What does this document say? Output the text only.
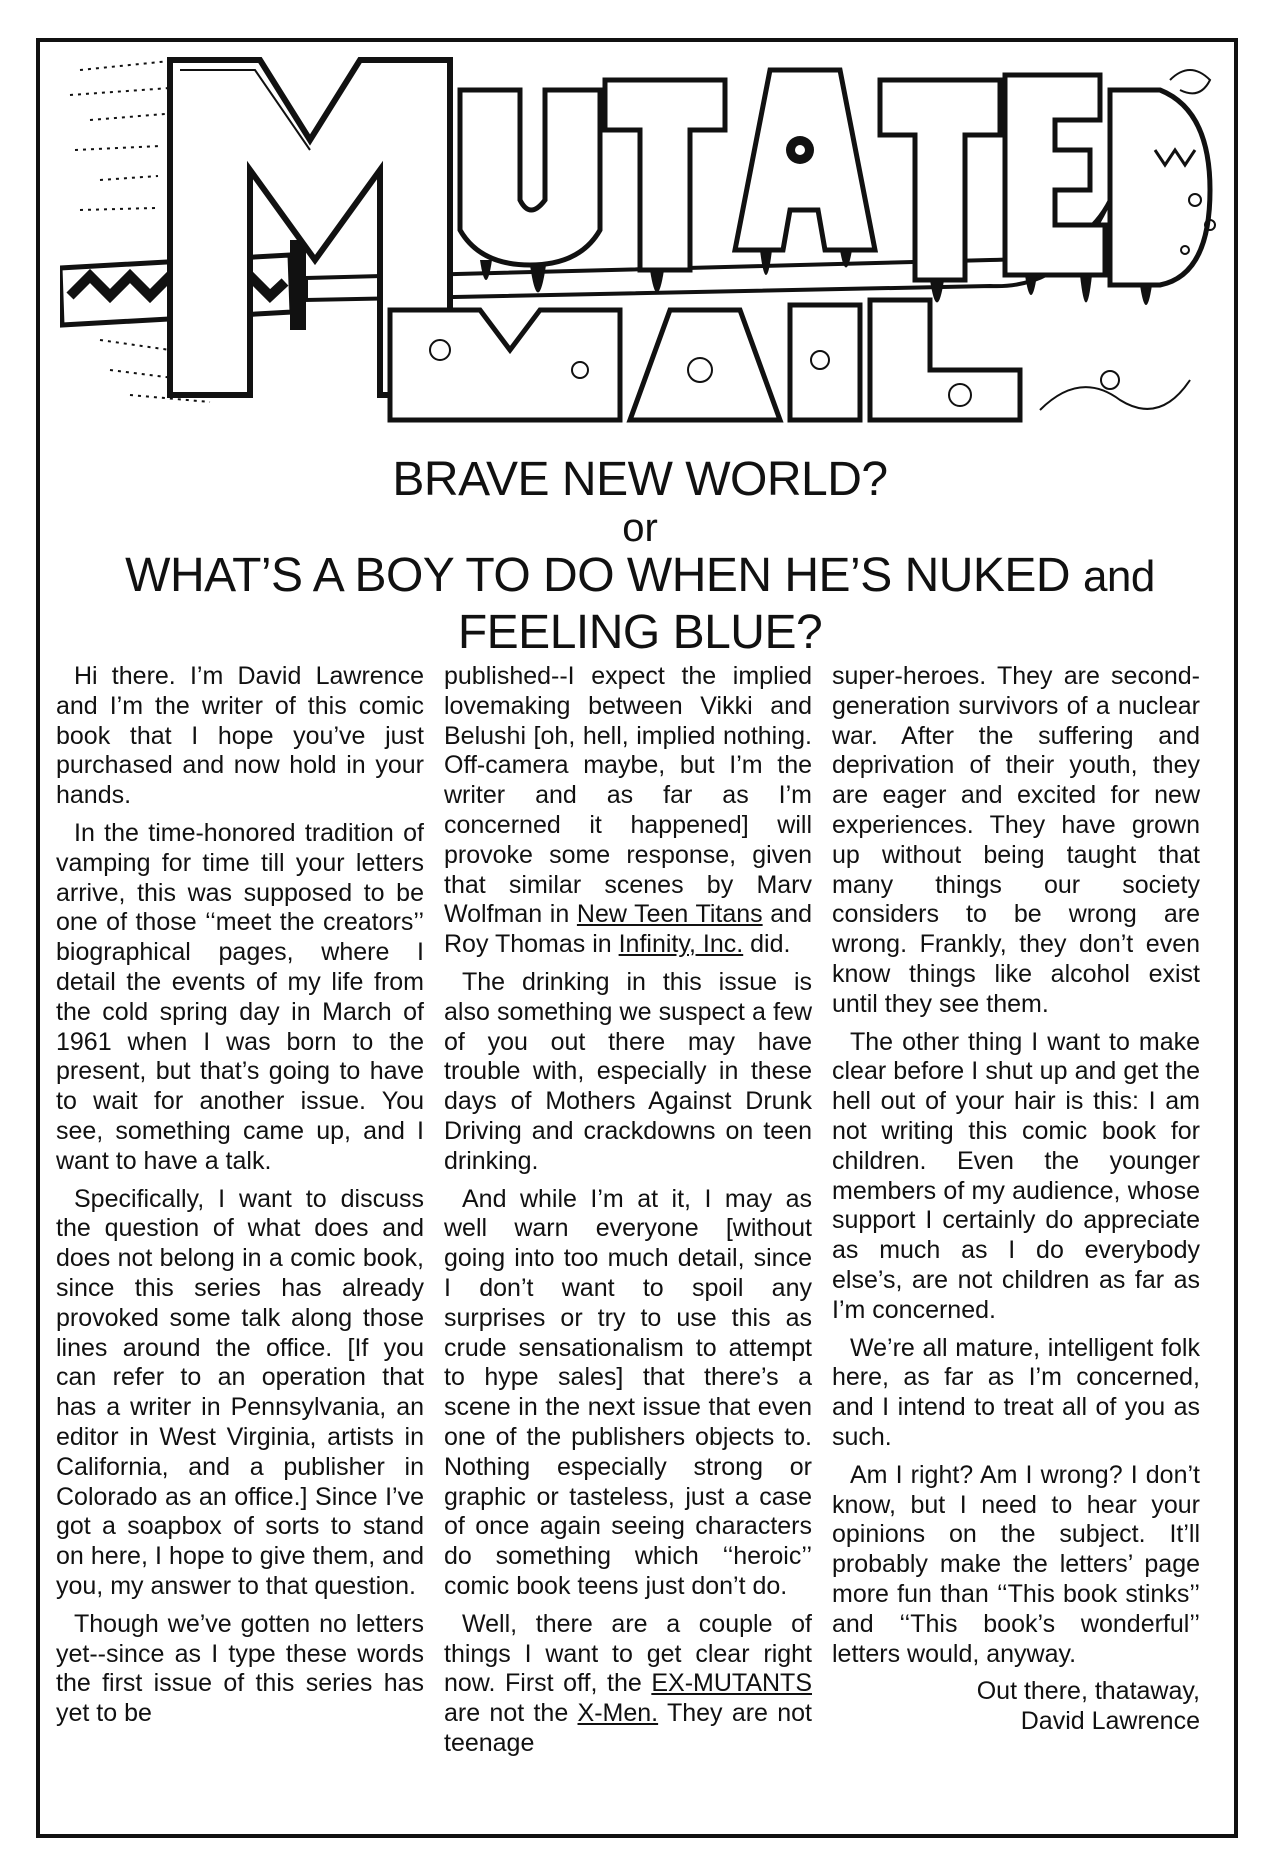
BRAVE NEW WORLD?
or
WHAT’S A BOY TO DO WHEN HE’S NUKED and
FEELING BLUE?

Hi there. I’m David Lawrence and I’m the writer of this comic book that I hope you’ve just purchased and now hold in your hands.

In the time-honored tradition of vamping for time till your letters arrive, this was supposed to be one of those ‘‘meet the creators’’ biographical pages, where I detail the events of my life from the cold spring day in March of 1961 when I was born to the present, but that’s going to have to wait for another issue. You see, something came up, and I want to have a talk.

Specifically, I want to discuss the question of what does and does not belong in a comic book, since this series has already provoked some talk along those lines around the office. [If you can refer to an operation that has a writer in Pennsylvania, an editor in West Virginia, artists in California, and a publisher in Colorado as an office.] Since I’ve got a soapbox of sorts to stand on here, I hope to give them, and you, my answer to that question.

Though we’ve gotten no letters yet--since as I type these words the first issue of this series has yet to be

published--I expect the implied lovemaking between Vikki and Belushi [oh, hell, implied nothing. Off-camera maybe, but I’m the writer and as far as I’m concerned it happened] will provoke some response, given that similar scenes by Marv Wolfman in New Teen Titans and Roy Thomas in Infinity, Inc. did.

The drinking in this issue is also something we suspect a few of you out there may have trouble with, especially in these days of Mothers Against Drunk Driving and crackdowns on teen drinking.

And while I’m at it, I may as well warn everyone [without going into too much detail, since I don’t want to spoil any surprises or try to use this as crude sensationalism to attempt to hype sales] that there’s a scene in the next issue that even one of the publishers objects to. Nothing especially strong or graphic or tasteless, just a case of once again seeing characters do something which ‘‘heroic’’ comic book teens just don’t do.

Well, there are a couple of things I want to get clear right now. First off, the EX-MUTANTS are not the X-Men. They are not teenage

super-heroes. They are second-generation survivors of a nuclear war. After the suffering and deprivation of their youth, they are eager and excited for new experiences. They have grown up without being taught that many things our society considers to be wrong are wrong. Frankly, they don’t even know things like alcohol exist until they see them.

The other thing I want to make clear before I shut up and get the hell out of your hair is this: I am not writing this comic book for children. Even the younger members of my audience, whose support I certainly do appreciate as much as I do everybody else’s, are not children as far as I’m concerned.

We’re all mature, intelligent folk here, as far as I’m concerned, and I intend to treat all of you as such.

Am I right? Am I wrong? I don’t know, but I need to hear your opinions on the subject. It’ll probably make the letters’ page more fun than ‘‘This book stinks’’ and ‘‘This book’s wonderful’’ letters would, anyway.

Out there, thataway,

David Lawrence
